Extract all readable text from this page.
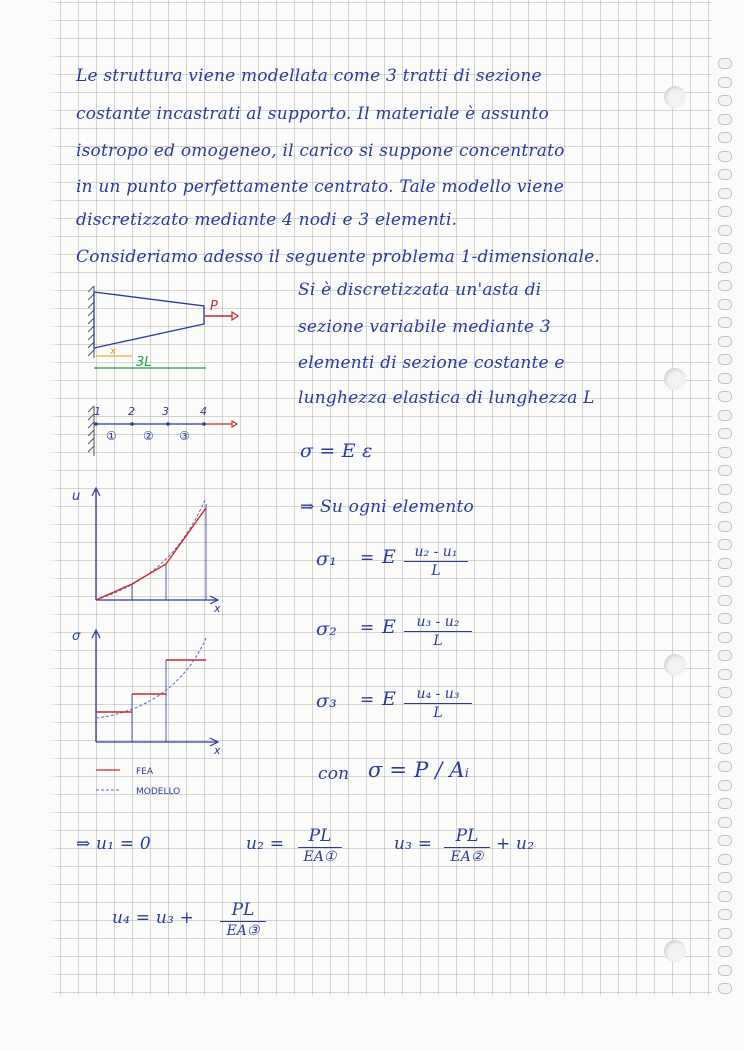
Le struttura viene modellata come 3 tratti di sezione
costante incastrati al supporto. Il materiale è assunto
isotropo ed omogeneo, il carico si suppone concentrato
in un punto perfettamente centrato. Tale modello viene
discretizzato mediante 4 nodi e 3 elementi.
Consideriamo adesso il seguente problema 1-dimensionale.
Si è discretizzata un'asta di
sezione variabile mediante 3
elementi di sezione costante e
lunghezza elastica di lunghezza L
σ = E ε
⇒ Su ogni elemento
σ₁ = E $\frac{\text{u₂ - u₁}}{L}$
σ₂ = E $\frac{\text{u₃ - u₂}}{L}$
σ₃ = E $\frac{\text{u₄ - u₃}}{L}$
con σ = P / Aᵢ
⇒ u₁ = 0	u₂ =	PL
EA①
u₃ =	PL
EA②
+ u₂
u₄ = u₃ +	PL
EA③
P
x
3L
1 2 3	4
① ② ③
u
x
σ
x
FEA
MODELLO
